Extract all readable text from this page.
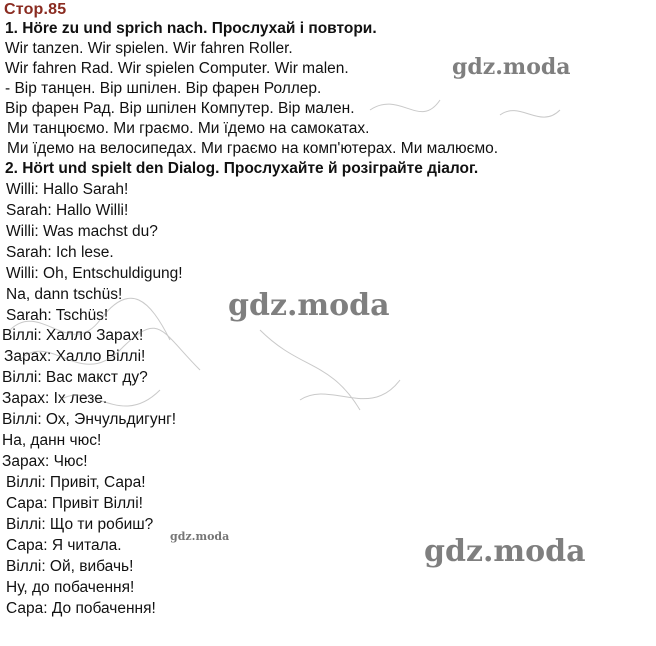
Стор.85
1. Höre zu und sprich nach. Прослухай і повтори.
Wir tanzen. Wir spielen. Wir fahren Roller.
Wir fahren Rad. Wir spielen Computer. Wir malen.
- Вір танцен. Вір шпілен. Вір фарен Роллер.
Вір фарен Рад. Вір шпілен Компутер. Вір мален.
Ми танцюємо. Ми граємо. Ми їдемо на самокатах.
Ми їдемо на велосипедах. Ми граємо на комп'ютерах. Ми малюємо.
2. Hört und spielt den Dialog. Прослухайте й розіграйте діалог.
Willi: Hallo Sarah!
Sarah: Hallo Willi!
Willi: Was machst du?
Sarah: Ich lese.
Willi: Oh, Entschuldigung!
Na, dann tschüs!
Sarah: Tschüs!
Віллі: Халло Зарах!
Зарах: Халло Віллі!
Віллі: Вас макст ду?
Зарах: Іх лезе.
Віллі: Ох, Энчульдигунг!
На, данн чюс!
Зарах: Чюс!
Віллі: Привіт, Сара!
Сара: Привіт Віллі!
Віллі: Що ти робиш?
Сара: Я читала.
Віллі: Ой, вибачь!
Ну, до побачення!
Сара: До побачення!
gdz.moda
gdz.moda
gdz.moda
gdz.moda
